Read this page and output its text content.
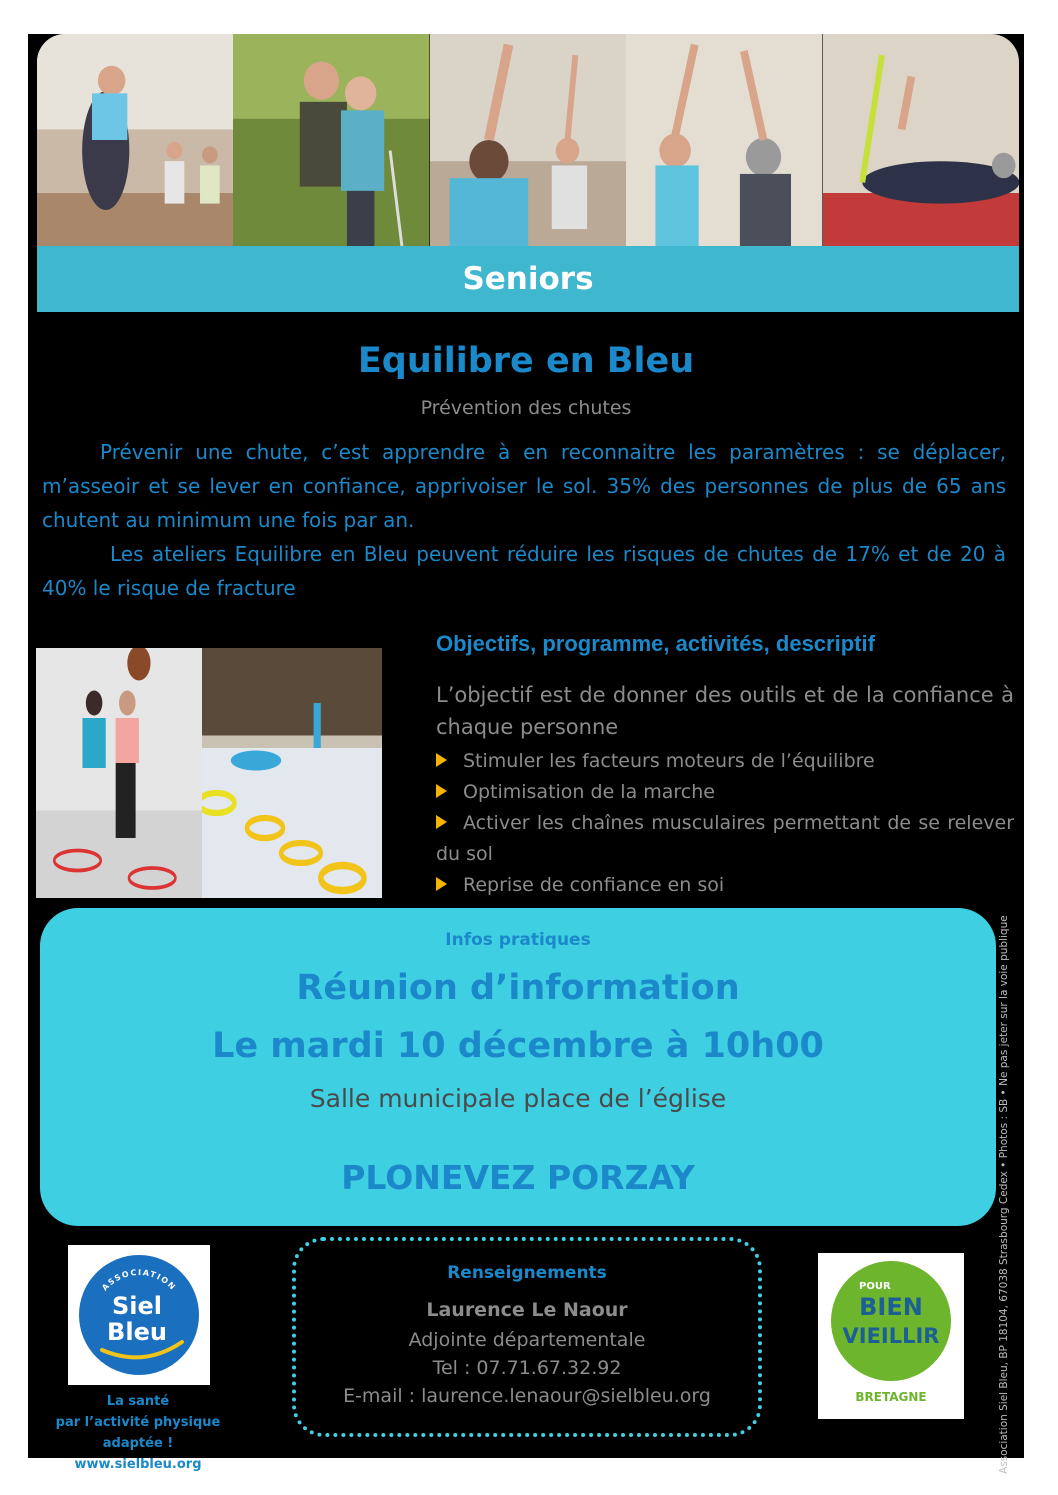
Seniors
Equilibre en Bleu
Prévention des chutes

Prévenir une chute, c’est apprendre à en reconnaitre les paramètres : se déplacer, m’asseoir et se lever en confiance, apprivoiser le sol. 35% des personnes de plus de 65 ans chutent au minimum une fois par an.

Les ateliers Equilibre en Bleu peuvent réduire les risques de chutes de 17% et de 20 à 40% le risque de fracture

Objectifs, programme, activités, descriptif

L’objectif est de donner des outils et de la confiance à chaque personne

Stimuler les facteurs moteurs de l’équilibre
Optimisation de la marche
Activer les chaînes musculaires permettant de se relever du sol
Reprise de confiance en soi
Infos pratiques
Réunion d’information
Le mardi 10 décembre à 10h00
Salle municipale place de l’église
PLONEVEZ PORZAY
ASSOCIATION
Siel
Bleu
La santé
par l’activité physique adaptée !
www.sielbleu.org
Renseignements
Laurence Le Naour
Adjointe départementale
Tel : 07.71.67.32.92
E-mail : laurence.lenaour@sielbleu.org
POUR
BIEN
VIEILLIR
BRETAGNE	Association Siel Bleu, BP 18104, 67038 Strasbourg Cedex • Photos : SB • Ne pas jeter sur la voie publique
